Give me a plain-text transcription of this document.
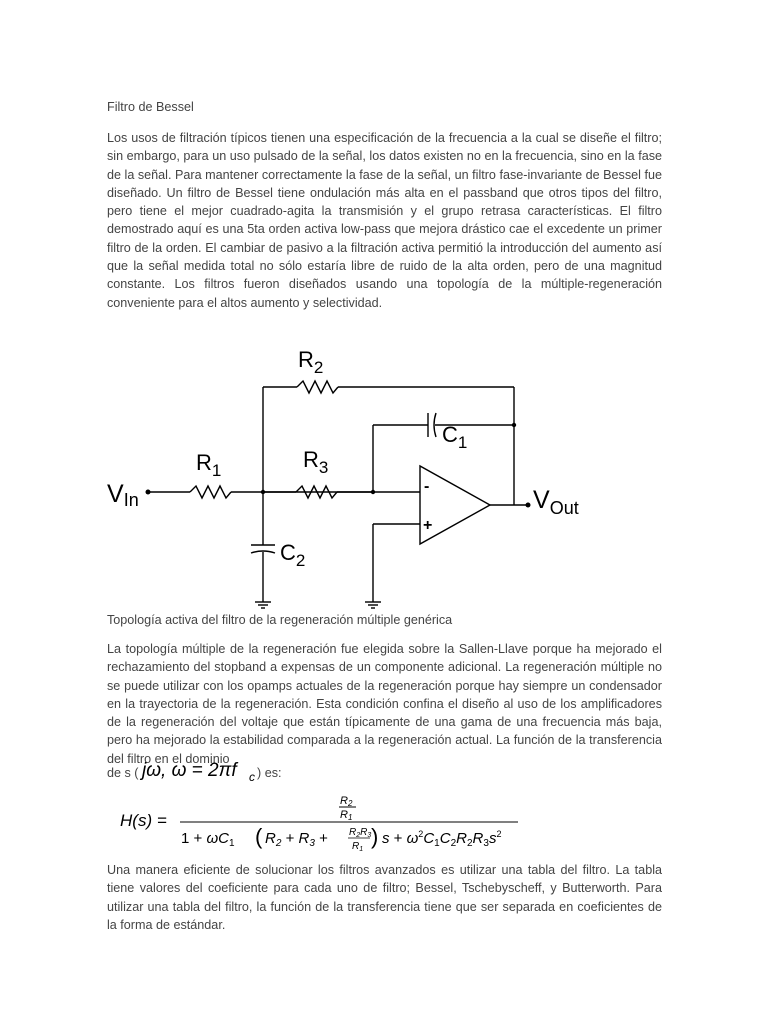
Filtro de Bessel

Los usos de filtración típicos tienen una especificación de la frecuencia a la cual se diseñe el filtro; sin embargo, para un uso pulsado de la señal, los datos existen no en la frecuencia, sino en la fase de la señal. Para mantener correctamente la fase de la señal, un filtro fase-invariante de Bessel fue diseñado. Un filtro de Bessel tiene ondulación más alta en el passband que otros tipos del filtro, pero tiene el mejor cuadrado-agita la transmisión y el grupo retrasa características. El filtro demostrado aquí es una 5ta orden activa low-pass que mejora drástico cae el excedente un primer filtro de la orden. El cambiar de pasivo a la filtración activa permitió la introducción del aumento así que la señal medida total no sólo estaría libre de ruido de la alta orden, pero de una magnitud constante. Los filtros fueron diseñados usando una topología de la múltiple-regeneración conveniente para el altos aumento y selectividad.

VIn
$R_1$
$R_2$
$R_3$
$C_1$
$C_2$
$V_{Out}$
-
+

Topología activa del filtro de la regeneración múltiple genérica

La topología múltiple de la regeneración fue elegida sobre la Sallen-Llave porque ha mejorado el rechazamiento del stopband a expensas de un componente adicional. La regeneración múltiple no se puede utilizar con los opamps actuales de la regeneración porque hay siempre un condensador en la trayectoria de la regeneración. Esta condición confina el diseño al uso de los amplificadores de la regeneración del voltaje que están típicamente de una gama de una frecuencia más baja, pero ha mejorado la estabilidad comparada a la regeneración actual. La función de la transferencia del filtro en el dominio

de s ( jω, ω = 2πf c ) es:
H(s) =
R2
R1
$1 + \omega C_1$ ( $R_2 + R_3 + R_2R_3$
$R_1$
) $s + \omega^2C_1C_2R_2R_3s^2$

Una manera eficiente de solucionar los filtros avanzados es utilizar una tabla del filtro. La tabla tiene valores del coeficiente para cada uno de filtro; Bessel, Tschebyscheff, y Butterworth. Para utilizar una tabla del filtro, la función de la transferencia tiene que ser separada en coeficientes de la forma de estándar.
